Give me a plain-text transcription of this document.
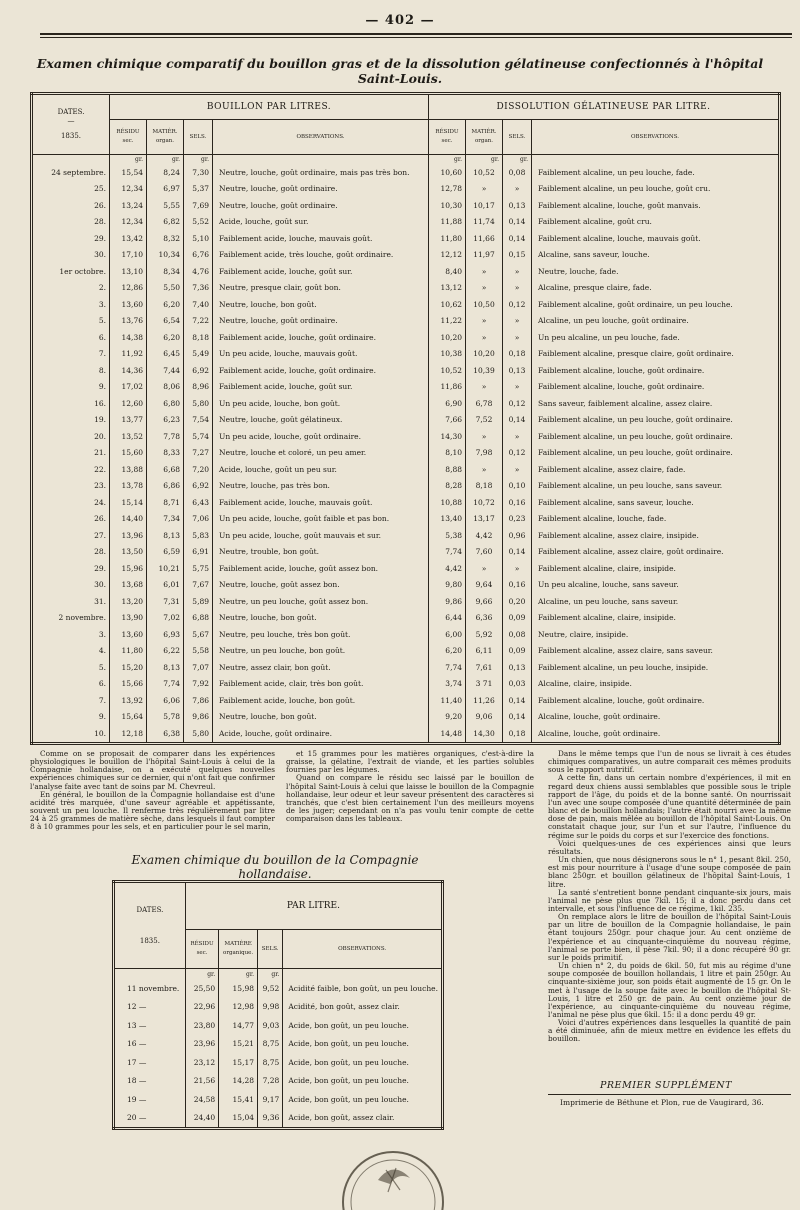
— 402 —
Examen chimique comparatif du bouillon gras et de la dissolution gélatineuse confectionnés à l'hôpital Saint-Louis.
DATES.
—
1835.	BOUILLON PAR LITRES.				DISSOLUTION GÉLATINEUSE PAR LITRE.			
	RÉSIDU sec.	MATIÈR. organ.	SELS.	OBSERVATIONS.	RÉSIDU sec.	MATIÈR. organ.	SELS.	OBSERVATIONS.
	gr.	gr.	gr.		gr.	gr.	gr.	
24 septembre.	15,54	8,24	7,30	Neutre, louche, goût ordinaire, mais pas très bon.	10,60	10,52	0,08	Faiblement alcaline, un peu louche, fade.
25.	12,34	6,97	5,37	Neutre, louche, goût ordinaire.	12,78	»	»	Faiblement alcaline, un peu louche, goût cru.
26.	13,24	5,55	7,69	Neutre, louche, goût ordinaire.	10,30	10,17	0,13	Faiblement alcaline, louche, goût manvais.
28.	12,34	6,82	5,52	Acide, louche, goût sur.	11,88	11,74	0,14	Faiblement alcaline, goût cru.
29.	13,42	8,32	5,10	Faiblement acide, louche, mauvais goût.	11,80	11,66	0,14	Faiblement alcaline, louche, mauvais goût.
30.	17,10	10,34	6,76	Faiblement acide, très louche, goût ordinaire.	12,12	11,97	0,15	Alcaline, sans saveur, louche.
1er octobre.	13,10	8,34	4,76	Faiblement acide, louche, goût sur.	8,40	»	»	Neutre, louche, fade.
2.	12,86	5,50	7,36	Neutre, presque clair, goût bon.	13,12	»	»	Alcaline, presque claire, fade.
3.	13,60	6,20	7,40	Neutre, louche, bon goût.	10,62	10,50	0,12	Faiblement alcaline, goût ordinaire, un peu louche.
5.	13,76	6,54	7,22	Neutre, louche, goût ordinaire.	11,22	»	»	Alcaline, un peu louche, goût ordinaire.
6.	14,38	6,20	8,18	Faiblement acide, louche, goût ordinaire.	10,20	»	»	Un peu alcaline, un peu louche, fade.
7.	11,92	6,45	5,49	Un peu acide, louche, mauvais goût.	10,38	10,20	0,18	Faiblement alcaline, presque claire, goût ordinaire.
8.	14,36	7,44	6,92	Faiblement acide, louche, goût ordinaire.	10,52	10,39	0,13	Faiblement alcaline, louche, goût ordinaire.
9.	17,02	8,06	8,96	Faiblement acide, louche, goût sur.	11,86	»	»	Faiblement alcaline, louche, goût ordinaire.
16.	12,60	6,80	5,80	Un peu acide, louche, bon goût.	6,90	6,78	0,12	Sans saveur, faiblement alcaline, assez claire.
19.	13,77	6,23	7,54	Neutre, louche, goût gélatineux.	7,66	7,52	0,14	Faiblement alcaline, un peu louche, goût ordinaire.
20.	13,52	7,78	5,74	Un peu acide, louche, goût ordinaire.	14,30	»	»	Faiblement alcaline, un peu louche, goût ordinaire.
21.	15,60	8,33	7,27	Neutre, louche et coloré, un peu amer.	8,10	7,98	0,12	Faiblement alcaline, un peu louche, goût ordinaire.
22.	13,88	6,68	7,20	Acide, louche, goût un peu sur.	8,88	»	»	Faiblement alcaline, assez claire, fade.
23.	13,78	6,86	6,92	Neutre, louche, pas très bon.	8,28	8,18	0,10	Faiblement alcaline, un peu louche, sans saveur.
24.	15,14	8,71	6,43	Faiblement acide, louche, mauvais goût.	10,88	10,72	0,16	Faiblement alcaline, sans saveur, louche.
26.	14,40	7,34	7,06	Un peu acide, louche, goût faible et pas bon.	13,40	13,17	0,23	Faiblement alcaline, louche, fade.
27.	13,96	8,13	5,83	Un peu acide, louche, goût mauvais et sur.	5,38	4,42	0,96	Faiblement alcaline, assez claire, insipide.
28.	13,50	6,59	6,91	Neutre, trouble, bon goût.	7,74	7,60	0,14	Faiblement alcaline, assez claire, goût ordinaire.
29.	15,96	10,21	5,75	Faiblement acide, louche, goût assez bon.	4,42	»	»	Faiblement alcaline, claire, insipide.
30.	13,68	6,01	7,67	Neutre, louche, goût assez bon.	9,80	9,64	0,16	Un peu alcaline, louche, sans saveur.
31.	13,20	7,31	5,89	Neutre, un peu louche, goût assez bon.	9,86	9,66	0,20	Alcaline, un peu louche, sans saveur.
2 novembre.	13,90	7,02	6,88	Neutre, louche, bon goût.	6,44	6,36	0,09	Faiblement alcaline, claire, insipide.
3.	13,60	6,93	5,67	Neutre, peu louche, très bon goût.	6,00	5,92	0,08	Neutre, claire, insipide.
4.	11,80	6,22	5,58	Neutre, un peu louche, bon goût.	6,20	6,11	0,09	Faiblement alcaline, assez claire, sans saveur.
5.	15,20	8,13	7,07	Neutre, assez clair, bon goût.	7,74	7,61	0,13	Faiblement alcaline, un peu louche, insipide.
6.	15,66	7,74	7,92	Faiblement acide, clair, très bon goût.	3,74	3 71	0,03	Alcaline, claire, insipide.
7.	13,92	6,06	7,86	Faiblement acide, louche, bon goût.	11,40	11,26	0,14	Faiblement alcaline, louche, goût ordinaire.
9.	15,64	5,78	9,86	Neutre, louche, bon goût.	9,20	9,06	0,14	Alcaline, louche, goût ordinaire.
10.	12,18	6,38	5,80	Acide, louche, goût ordinaire.	14,48	14,30	0,18	Alcaline, louche, goût ordinaire.

Comme on se proposait de comparer dans les expériences physiologiques le bouillon de l'hôpital Saint-Louis à celui de la Compagnie hollandaise, on a exécuté quelques nouvelles expériences chimiques sur ce dernier, qui n'ont fait que confirmer l'analyse faite avec tant de soins par M. Chevreul.

En général, le bouillon de la Compagnie hollandaise est d'une acidité très marquée, d'une saveur agréable et appétissante, souvent un peu louche. Il renferme très régulièrement par litre 24 à 25 grammes de matière sèche, dans lesquels il faut compter 8 à 10 grammes pour les sels, et en particulier pour le sel marin,

et 15 grammes pour les matières organiques, c'est-à-dire la graisse, la gélatine, l'extrait de viande, et les parties solubles fournies par les légumes.

Quand on compare le résidu sec laissé par le bouillon de l'hôpital Saint-Louis à celui que laisse le bouillon de la Compagnie hollandaise, leur odeur et leur saveur présentent des caractères si tranchés, que c'est bien certainement l'un des meilleurs moyens de les juger; cependant on n'a pas voulu tenir compte de cette comparaison dans les tableaux.

Examen chimique du bouillon de la Compagnie hollandaise.
DATES.
1835.	PAR LITRE.			
	RÉSIDU sec.	MATIÈRE organique.	SELS.	OBSERVATIONS.
	gr.	gr.	gr.	
11 novembre.	25,50	15,98	9,52	Acidité faible, bon goût, un peu louche.
12 —	22,96	12,98	9,98	Acidité, bon goût, assez clair.
13 —	23,80	14,77	9,03	Acide, bon goût, un peu louche.
16 —	23,96	15,21	8,75	Acide, bon goût, un peu louche.
17 —	23,12	15,17	8,75	Acide, bon goût, un peu louche.
18 —	21,56	14,28	7,28	Acide, bon goût, un peu louche.
19 —	24,58	15,41	9,17	Acide, bon goût, un peu louche.
20 —	24,40	15,04	9,36	Acide, bon goût, assez clair.

Dans le même temps que l'un de nous se livrait à ces études chimiques comparatives, un autre comparait ces mêmes produits sous le rapport nutritif.

A cette fin, dans un certain nombre d'expériences, il mit en regard deux chiens aussi semblables que possible sous le triple rapport de l'âge, du poids et de la bonne santé. On nourrissait l'un avec une soupe composée d'une quantité déterminée de pain blanc et de bouillon hollandais; l'autre était nourri avec la même dose de pain, mais mêlée au bouillon de l'hôpital Saint-Louis. On constatait chaque jour, sur l'un et sur l'autre, l'influence du régime sur le poids du corps et sur l'exercice des fonctions.

Voici quelques-unes de ces expériences ainsi que leurs résultats.

Un chien, que nous désignerons sous le n° 1, pesant 8kil. 250, est mis pour nourriture à l'usage d'une soupe composée de pain blanc 250gr. et bouillon gélatineux de l'hôpital Saint-Louis, 1 litre.

La santé s'entretient bonne pendant cinquante-six jours, mais l'animal ne pèse plus que 7kil. 15; il a donc perdu dans cet intervalle, et sous l'influence de ce régime, 1kil. 235.

On remplace alors le litre de bouillon de l'hôpital Saint-Louis par un litre de bouillon de la Compagnie hollandaise, le pain étant toujours 250gr. pour chaque jour. Au cent onzième de l'expérience et au cinquante-cinquième du nouveau régime, l'animal se porte bien, il pèse 7kil. 90; il a donc récupéré 90 gr. sur le poids primitif.

Un chien n° 2, du poids de 6kil. 50, fut mis au régime d'une soupe composée de bouillon hollandais, 1 litre et pain 250gr. Au cinquante-sixième jour, son poids était augmenté de 15 gr. On le met à l'usage de la soupe faite avec le bouillon de l'hôpital St-Louis, 1 litre et 250 gr. de pain. Au cent onzième jour de l'expérience, au cinquante-cinquième du nouveau régime, l'animal ne pèse plus que 6kil. 15: il a donc perdu 49 gr.

Voici d'autres expériences dans lesquelles la quantité de pain a été diminuée, afin de mieux mettre en évidence les effets du bouillon.

PREMIER SUPPLÉMENT
Imprimerie de Béthune et Plon, rue de Vaugirard, 36.
